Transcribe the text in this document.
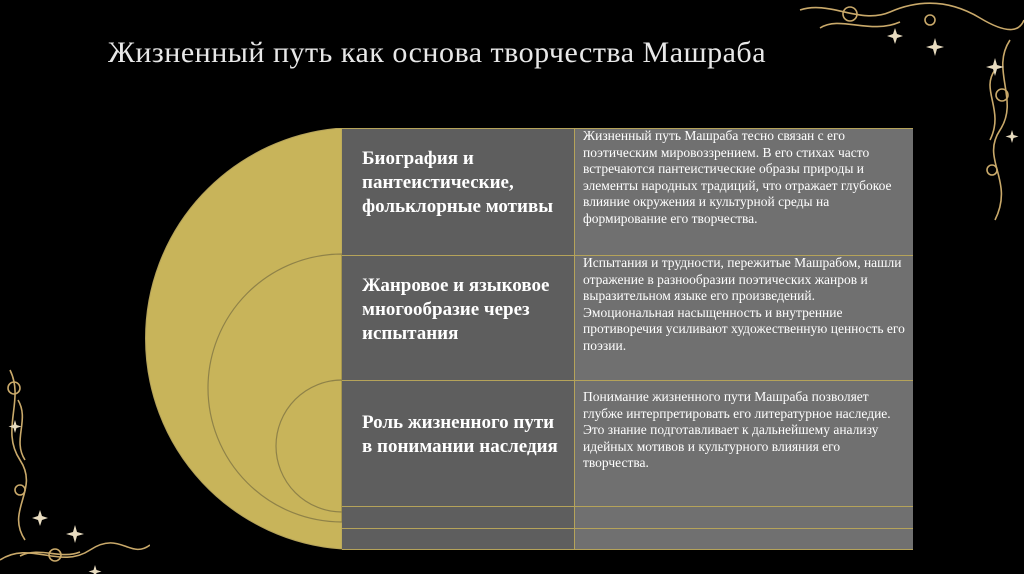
Жизненный путь как основа творчества Машраба
Биография и пантеистические, фольклорные мотивы
Жизненный путь Машраба тесно связан с его поэтическим мировоззрением. В его стихах часто встречаются пантеистические образы природы и элементы народных традиций, что отражает глубокое влияние окружения и культурной среды на формирование его творчества.
Жанровое и языковое многообразие через испытания
Испытания и трудности, пережитые Машрабом, нашли отражение в разнообразии поэтических жанров и выразительном языке его произведений. Эмоциональная насыщенность и внутренние противоречия усиливают художественную ценность его поэзии.
Роль жизненного пути в понимании наследия
Понимание жизненного пути Машраба позволяет глубже интерпретировать его литературное наследие. Это знание подготавливает к дальнейшему анализу идейных мотивов и культурного влияния его творчества.
